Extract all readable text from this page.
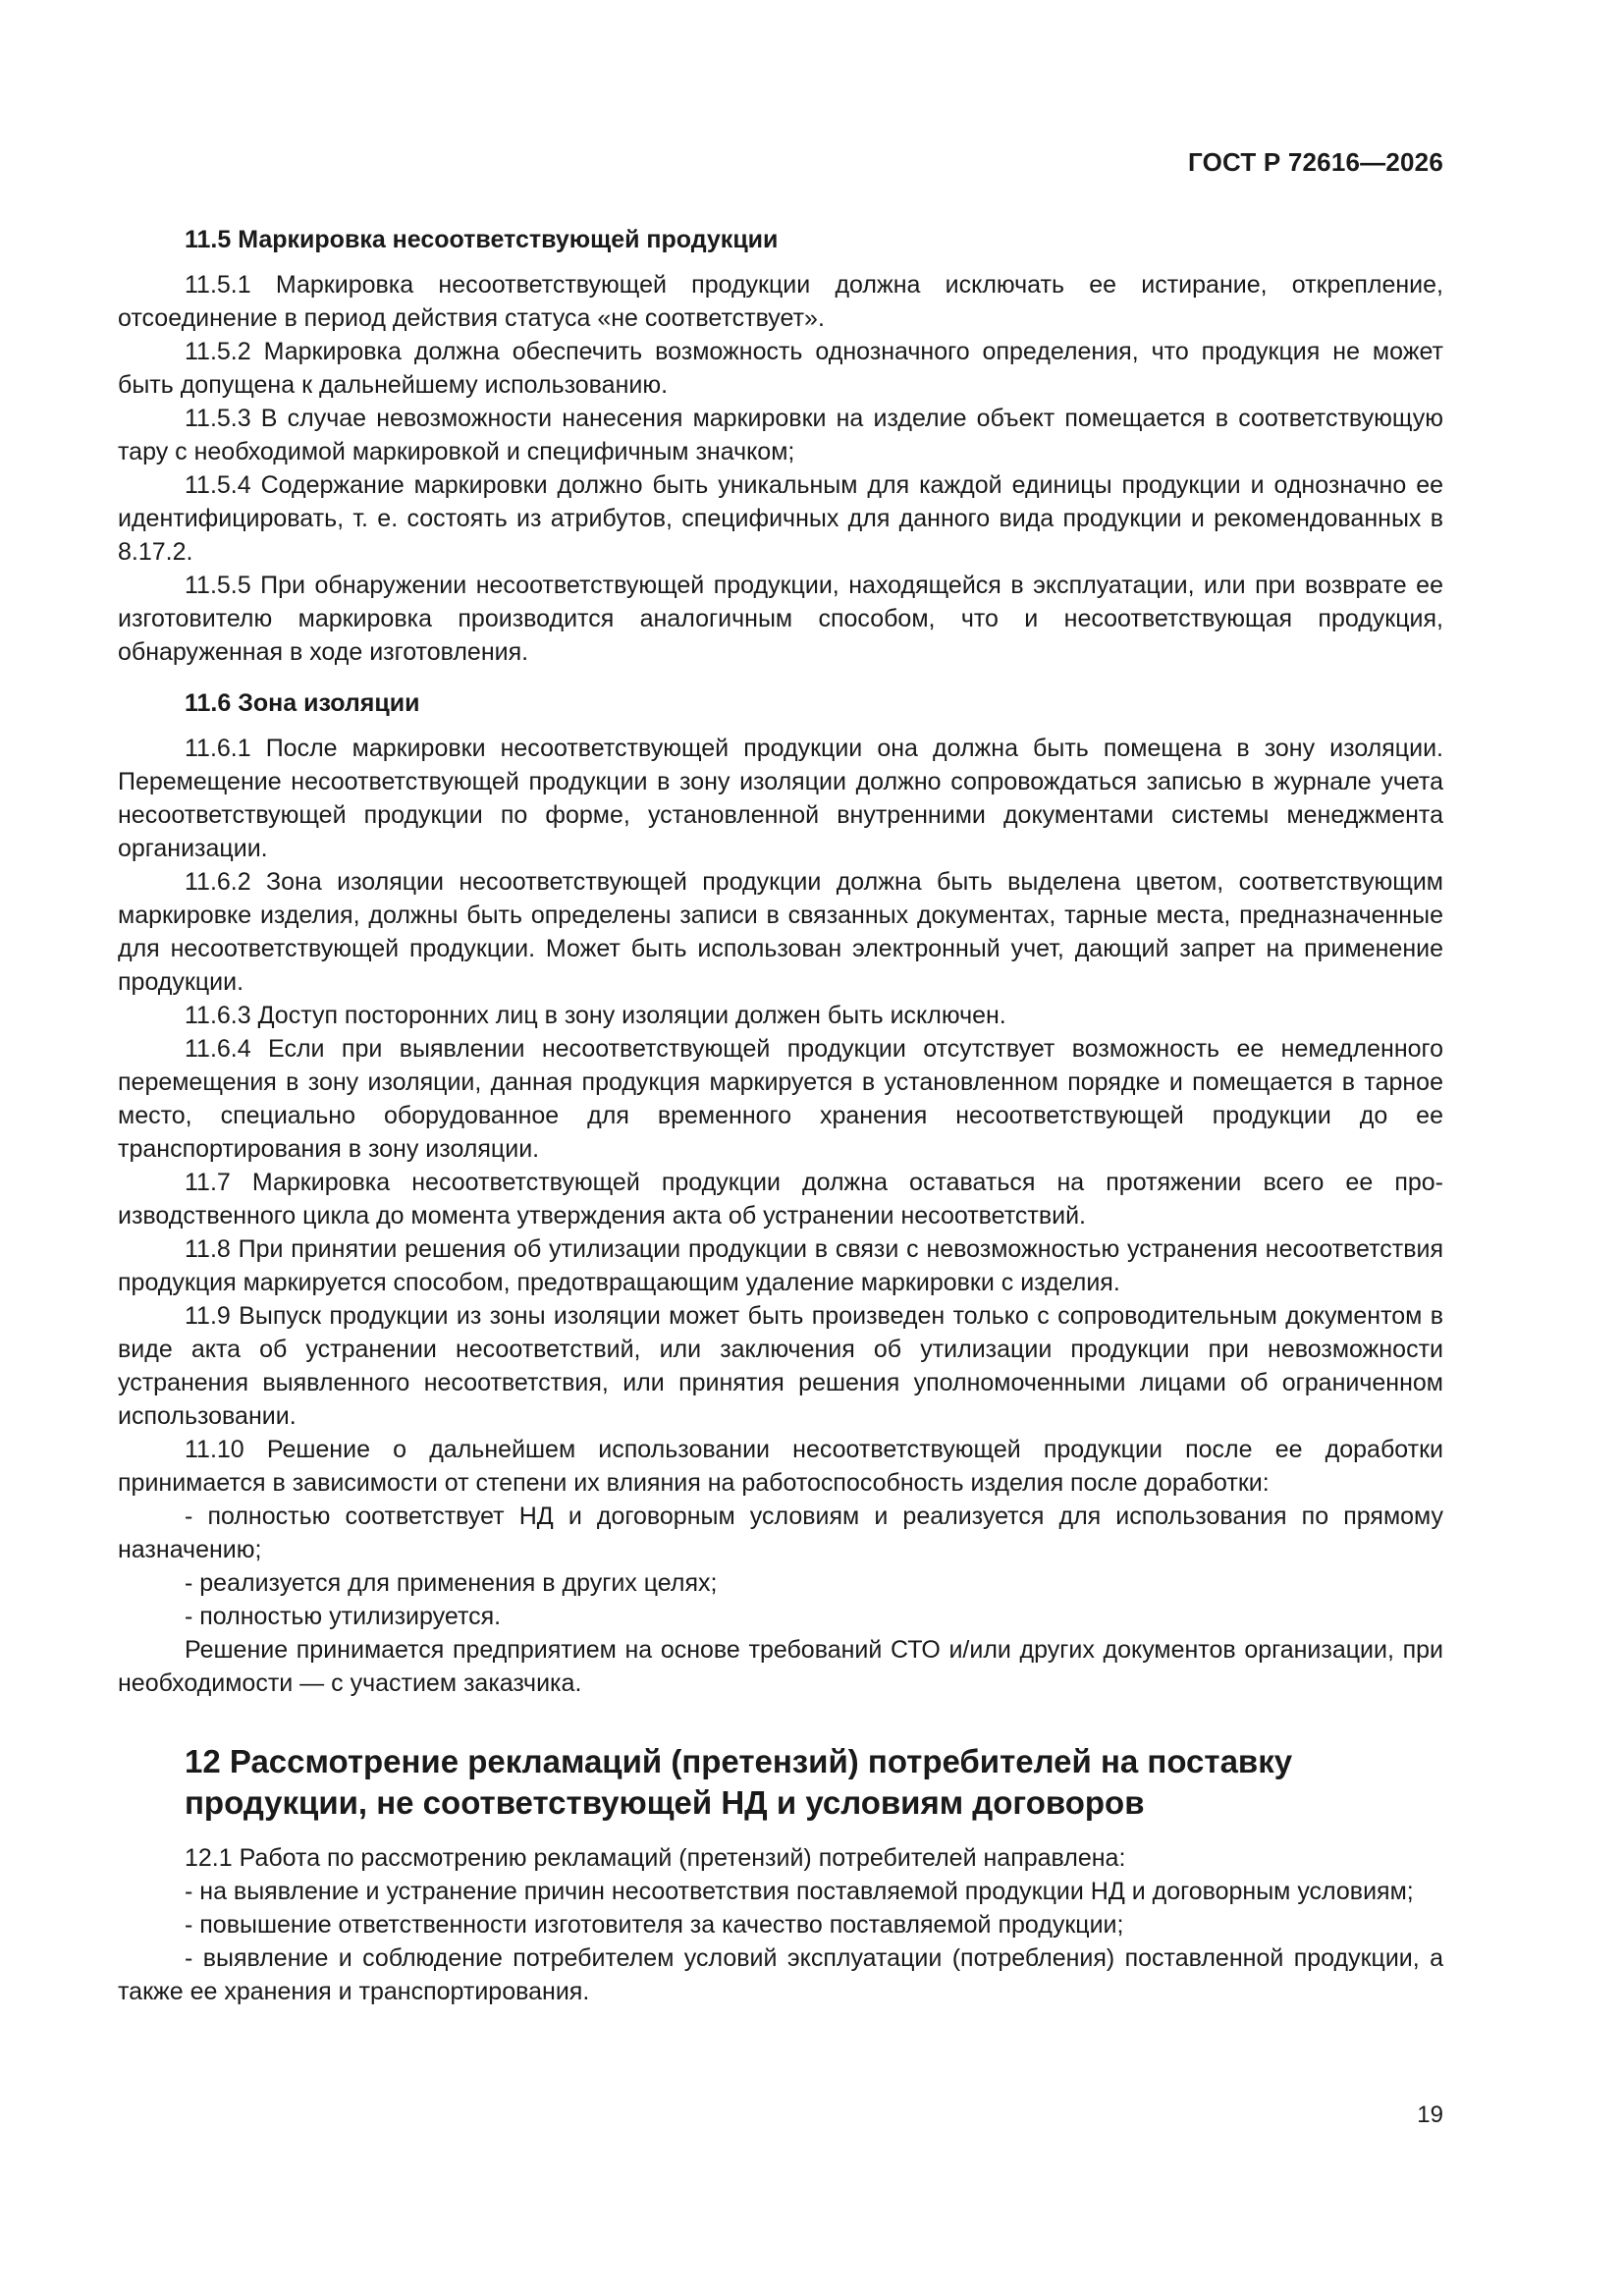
ГОСТ Р 72616—2026

11.5 Маркировка несоответствующей продукции

11.5.1 Маркировка несоответствующей продукции должна исключать ее истирание, открепление, отсоединение в период действия статуса «не соответствует».

11.5.2 Маркировка должна обеспечить возможность однозначного определения, что продукция не может быть допущена к дальнейшему использованию.

11.5.3 В случае невозможности нанесения маркировки на изделие объект помещается в соответствующую тару с необходимой маркировкой и специфичным значком;

11.5.4 Содержание маркировки должно быть уникальным для каждой единицы продукции и однозначно ее идентифицировать, т. е. состоять из атрибутов, специфичных для данного вида продукции и рекомендованных в 8.17.2.

11.5.5 При обнаружении несоответствующей продукции, находящейся в эксплуатации, или при возврате ее изготовителю маркировка производится аналогичным способом, что и несоответствующая продукция, обнаруженная в ходе изготовления.

11.6 Зона изоляции

11.6.1 После маркировки несоответствующей продукции она должна быть помещена в зону изоляции. Перемещение несоответствующей продукции в зону изоляции должно сопровождаться записью в журнале учета несоответствующей продукции по форме, установленной внутренними документами системы менеджмента организации.

11.6.2 Зона изоляции несоответствующей продукции должна быть выделена цветом, соответствующим маркировке изделия, должны быть определены записи в связанных документах, тарные места, предназначенные для несоответствующей продукции. Может быть использован электронный учет, дающий запрет на применение продукции.

11.6.3 Доступ посторонних лиц в зону изоляции должен быть исключен.

11.6.4 Если при выявлении несоответствующей продукции отсутствует возможность ее немедленного перемещения в зону изоляции, данная продукция маркируется в установленном порядке и помещается в тарное место, специально оборудованное для временного хранения несоответствующей продукции до ее транспортирования в зону изоляции.

11.7 Маркировка несоответствующей продукции должна оставаться на протяжении всего ее производственного цикла до момента утверждения акта об устранении несоответствий.

11.8 При принятии решения об утилизации продукции в связи с невозможностью устранения несоответствия продукция маркируется способом, предотвращающим удаление маркировки с изделия.

11.9 Выпуск продукции из зоны изоляции может быть произведен только с сопроводительным документом в виде акта об устранении несоответствий, или заключения об утилизации продукции при невозможности устранения выявленного несоответствия, или принятия решения уполномоченными лицами об ограниченном использовании.

11.10 Решение о дальнейшем использовании несоответствующей продукции после ее доработки принимается в зависимости от степени их влияния на работоспособность изделия после доработки:

- полностью соответствует НД и договорным условиям и реализуется для использования по прямому назначению;

- реализуется для применения в других целях;

- полностью утилизируется.

Решение принимается предприятием на основе требований СТО и/или других документов организации, при необходимости — с участием заказчика.

12 Рассмотрение рекламаций (претензий) потребителей на поставку
продукции, не соответствующей НД и условиям договоров

12.1 Работа по рассмотрению рекламаций (претензий) потребителей направлена:

- на выявление и устранение причин несоответствия поставляемой продукции НД и договорным условиям;

- повышение ответственности изготовителя за качество поставляемой продукции;

- выявление и соблюдение потребителем условий эксплуатации (потребления) поставленной продукции, а также ее хранения и транспортирования.

19
